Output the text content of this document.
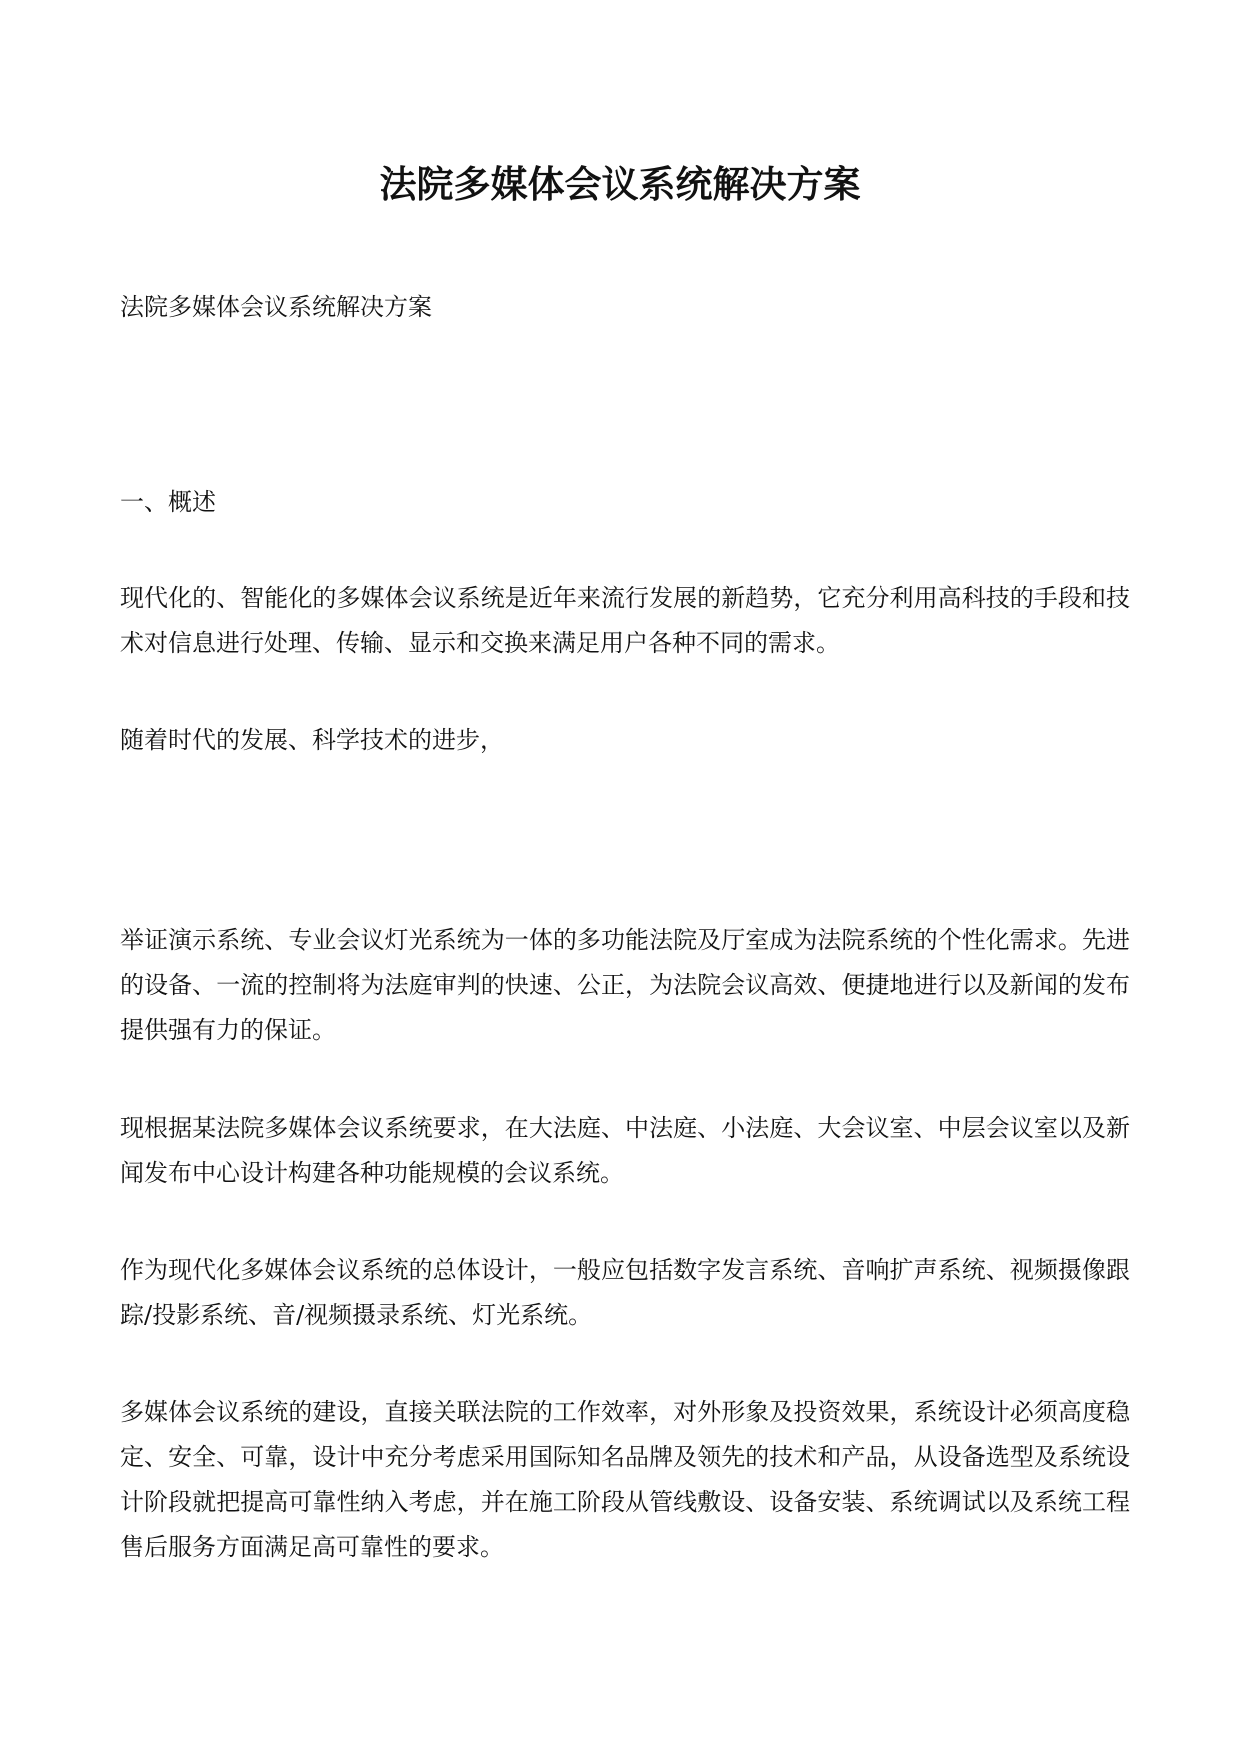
法院多媒体会议系统解决方案

法院多媒体会议系统解决方案

一、概述

现代化的、智能化的多媒体会议系统是近年来流行发展的新趋势，它充分利用高科技的手段和技术对信息进行处理、传输、显示和交换来满足用户各种不同的需求。

随着时代的发展、科学技术的进步，

举证演示系统、专业会议灯光系统为一体的多功能法院及厅室成为法院系统的个性化需求。先进的设备、一流的控制将为法庭审判的快速、公正，为法院会议高效、便捷地进行以及新闻的发布提供强有力的保证。

现根据某法院多媒体会议系统要求，在大法庭、中法庭、小法庭、大会议室、中层会议室以及新闻发布中心设计构建各种功能规模的会议系统。

作为现代化多媒体会议系统的总体设计，一般应包括数字发言系统、音响扩声系统、视频摄像跟踪/投影系统、音/视频摄录系统、灯光系统。

多媒体会议系统的建设，直接关联法院的工作效率，对外形象及投资效果，系统设计必须高度稳定、安全、可靠，设计中充分考虑采用国际知名品牌及领先的技术和产品，从设备选型及系统设计阶段就把提高可靠性纳入考虑，并在施工阶段从管线敷设、设备安装、系统调试以及系统工程售后服务方面满足高可靠性的要求。
